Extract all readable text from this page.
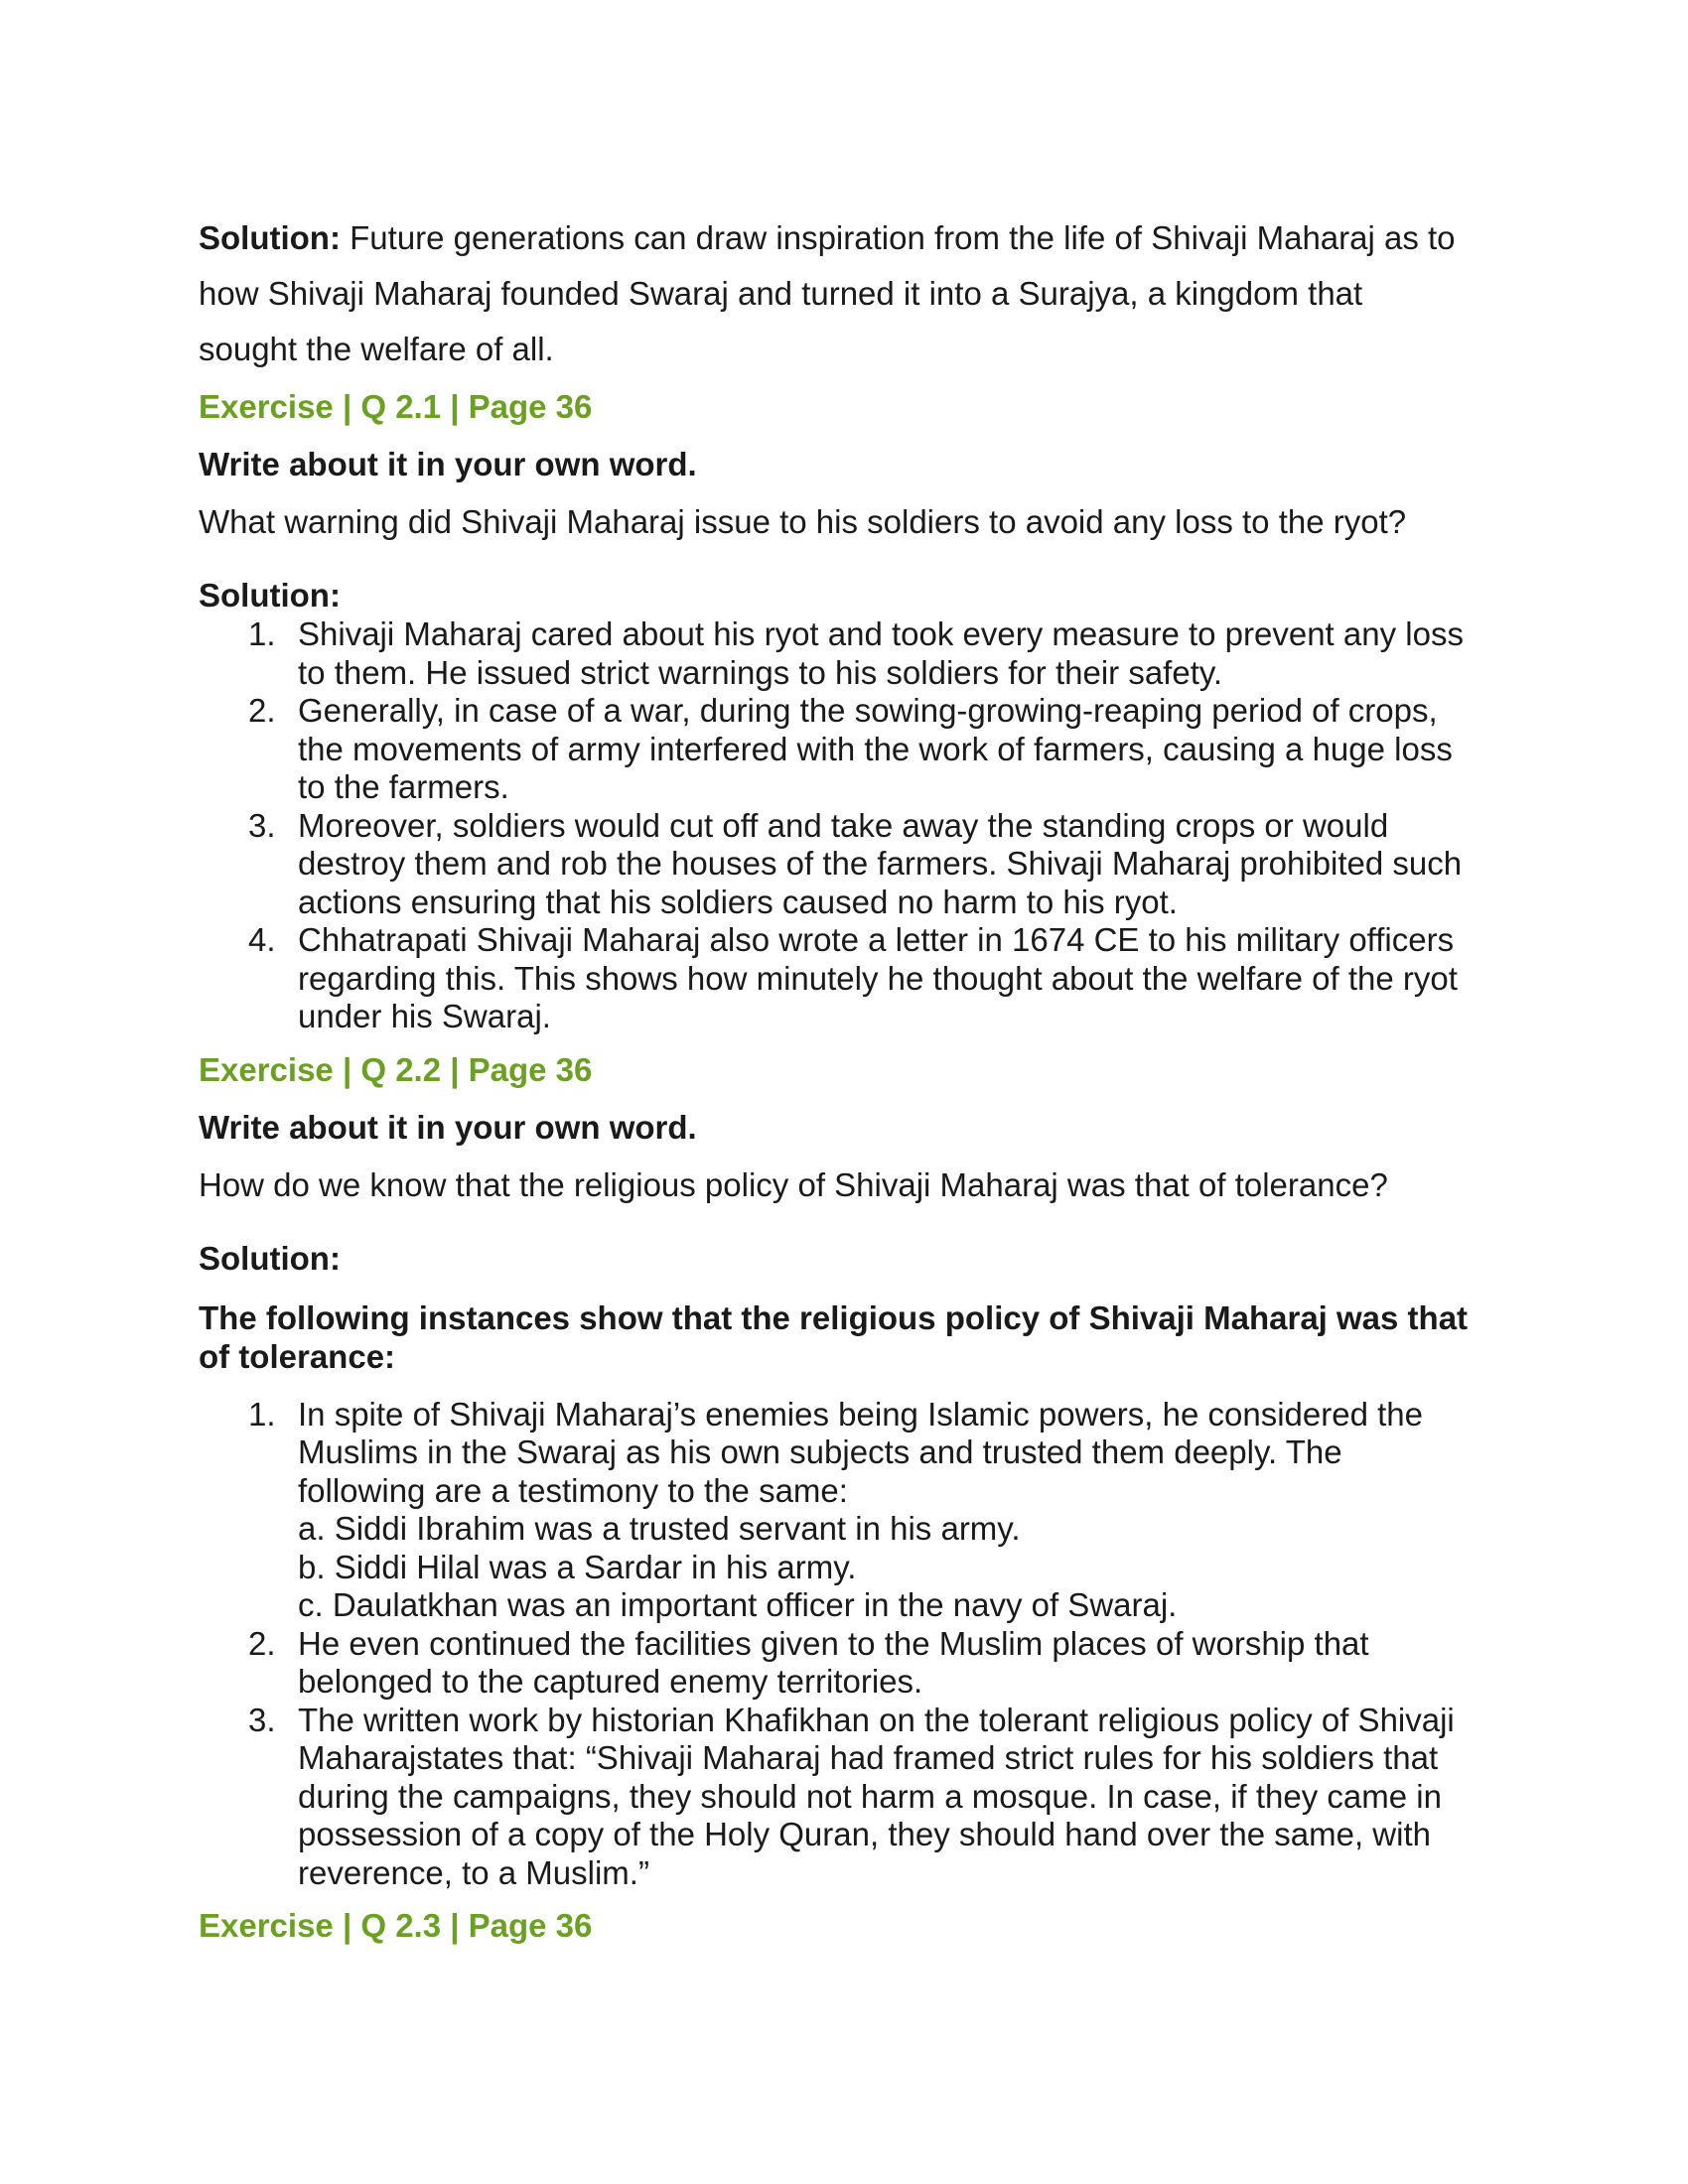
Solution: Future generations can draw inspiration from the life of Shivaji Maharaj as to how Shivaji Maharaj founded Swaraj and turned it into a Surajya, a kingdom that sought the welfare of all.

Exercise | Q 2.1 | Page 36

Write about it in your own word.

What warning did Shivaji Maharaj issue to his soldiers to avoid any loss to the ryot?

Solution:

1. Shivaji Maharaj cared about his ryot and took every measure to prevent any loss to them. He issued strict warnings to his soldiers for their safety.
2. Generally, in case of a war, during the sowing-growing-reaping period of crops, the movements of army interfered with the work of farmers, causing a huge loss to the farmers.
3. Moreover, soldiers would cut off and take away the standing crops or would destroy them and rob the houses of the farmers. Shivaji Maharaj prohibited such actions ensuring that his soldiers caused no harm to his ryot.
4. Chhatrapati Shivaji Maharaj also wrote a letter in 1674 CE to his military officers regarding this. This shows how minutely he thought about the welfare of the ryot under his Swaraj.

Exercise | Q 2.2 | Page 36

Write about it in your own word.

How do we know that the religious policy of Shivaji Maharaj was that of tolerance?

Solution:

The following instances show that the religious policy of Shivaji Maharaj was that of tolerance:

1. In spite of Shivaji Maharaj’s enemies being Islamic powers, he considered the Muslims in the Swaraj as his own subjects and trusted them deeply. The following are a testimony to the same:
a. Siddi Ibrahim was a trusted servant in his army.
b. Siddi Hilal was a Sardar in his army.
c. Daulatkhan was an important officer in the navy of Swaraj.
2. He even continued the facilities given to the Muslim places of worship that belonged to the captured enemy territories.
3. The written work by historian Khafikhan on the tolerant religious policy of Shivaji Maharajstates that: “Shivaji Maharaj had framed strict rules for his soldiers that during the campaigns, they should not harm a mosque. In case, if they came in possession of a copy of the Holy Quran, they should hand over the same, with reverence, to a Muslim.”

Exercise | Q 2.3 | Page 36
